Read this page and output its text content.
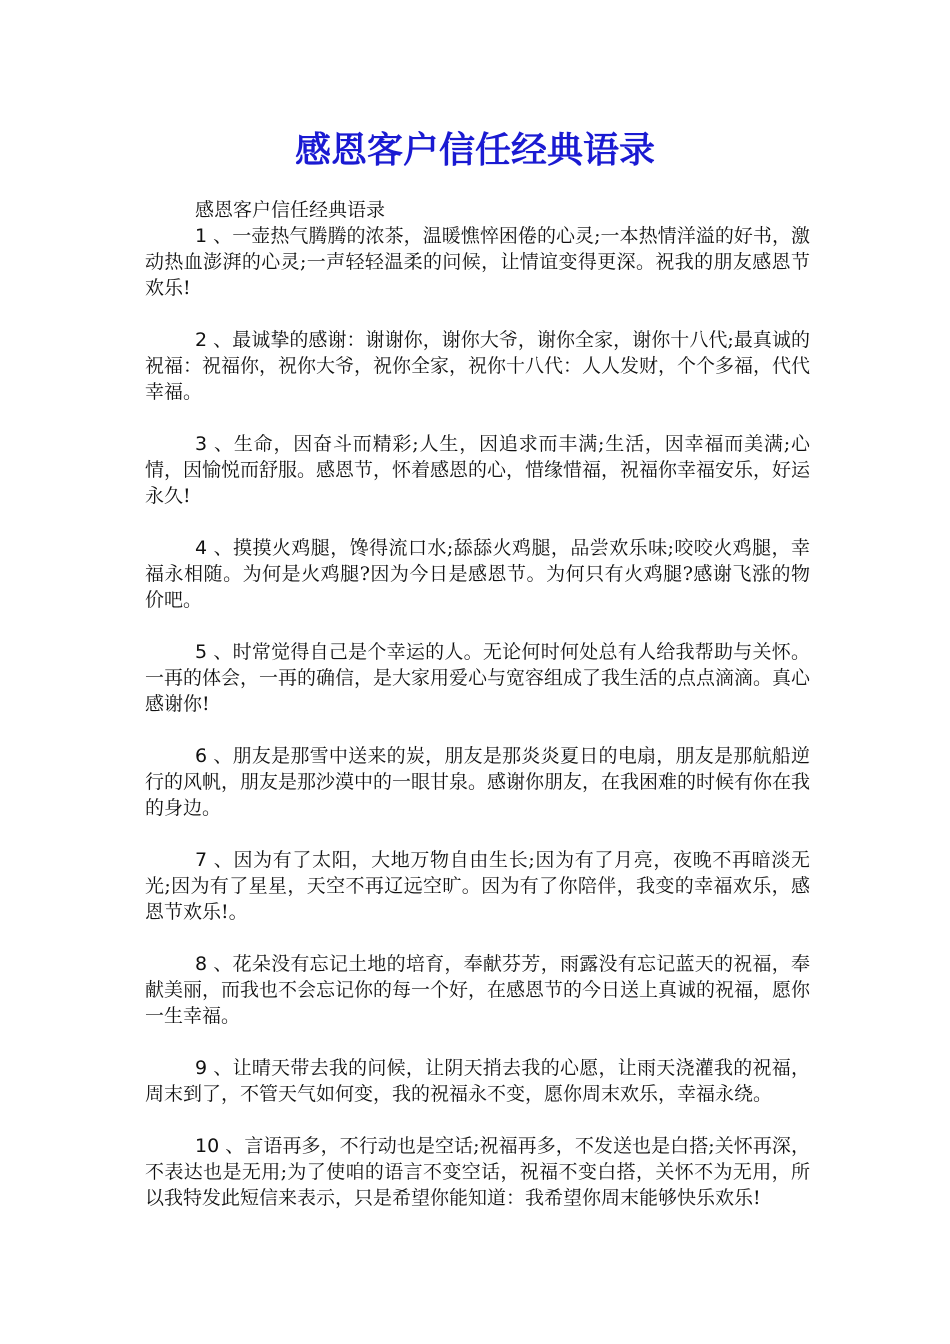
感恩客户信任经典语录

感恩客户信任经典语录

1 、一壶热气腾腾的浓茶，温暖憔悴困倦的心灵;一本热情洋溢的好书，激动热血澎湃的心灵;一声轻轻温柔的问候，让情谊变得更深。祝我的朋友感恩节欢乐!

2 、最诚挚的感谢：谢谢你，谢你大爷，谢你全家，谢你十八代;最真诚的祝福：祝福你，祝你大爷，祝你全家，祝你十八代：人人发财，个个多福，代代幸福。

3 、生命，因奋斗而精彩;人生，因追求而丰满;生活，因幸福而美满;心情，因愉悦而舒服。感恩节，怀着感恩的心，惜缘惜福，祝福你幸福安乐，好运永久!

4 、摸摸火鸡腿，馋得流口水;舔舔火鸡腿，品尝欢乐味;咬咬火鸡腿，幸福永相随。为何是火鸡腿?因为今日是感恩节。为何只有火鸡腿?感谢飞涨的物价吧。

5 、时常觉得自己是个幸运的人。无论何时何处总有人给我帮助与关怀。一再的体会，一再的确信，是大家用爱心与宽容组成了我生活的点点滴滴。真心感谢你!

6 、朋友是那雪中送来的炭，朋友是那炎炎夏日的电扇，朋友是那航船逆行的风帆，朋友是那沙漠中的一眼甘泉。感谢你朋友，在我困难的时候有你在我的身边。

7 、因为有了太阳，大地万物自由生长;因为有了月亮，夜晚不再暗淡无光;因为有了星星，天空不再辽远空旷。因为有了你陪伴，我变的幸福欢乐，感恩节欢乐!。

8 、花朵没有忘记土地的培育，奉献芬芳，雨露没有忘记蓝天的祝福，奉献美丽，而我也不会忘记你的每一个好，在感恩节的今日送上真诚的祝福，愿你一生幸福。

9 、让晴天带去我的问候，让阴天捎去我的心愿，让雨天浇灌我的祝福，周末到了，不管天气如何变，我的祝福永不变，愿你周末欢乐，幸福永绕。

10 、言语再多，不行动也是空话;祝福再多，不发送也是白搭;关怀再深，不表达也是无用;为了使咱的语言不变空话，祝福不变白搭，关怀不为无用，所以我特发此短信来表示，只是希望你能知道：我希望你周末能够快乐欢乐!
